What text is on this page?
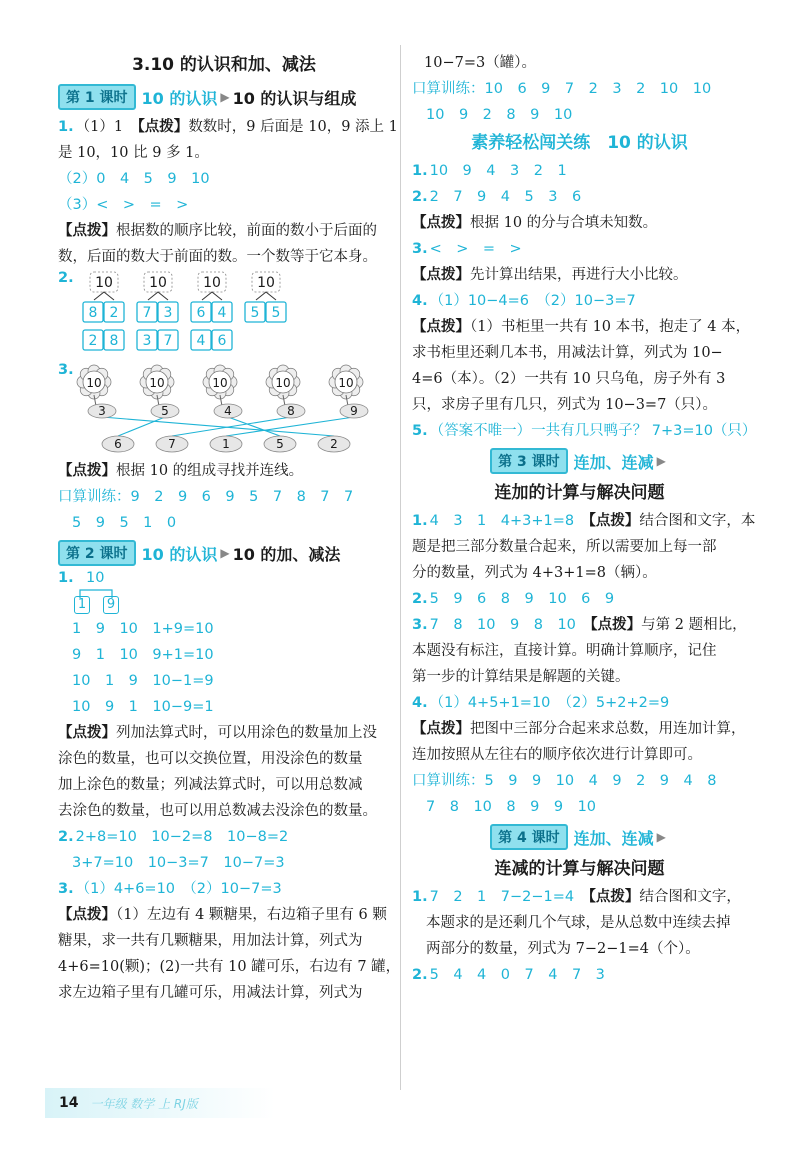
3.10 的认识和加、减法
第 1 课时 10 的认识 ▶ 10 的认识与组成
1. （1）1　 【点拨】数数时，9 后面是 10，9 添上 1
是 10，10 比 9 多 1。
（2）0　4　5　9　10
（3）<　>　=　>
【点拨】根据数的顺序比较，前面的数小于后面的
数，后面的数大于前面的数。一个数等于它本身。
2. 10
8 2
2 8
10
7 3
3 7
10
6 4
4 6
10
5 5
3.
10
3
10
5
10
4
10
8
10
9
6	7	1	5	2
【点拨】根据 10 的组成寻找并连线。
口算训练：9　2　9　6　9　5　7　8　7　7
5　9　5　1　0
第 2 课时 10 的认识 ▶ 10 的加、减法
1. 10
1 9
1　9　10　1+9=10
9　1　10　9+1=10
10　1　9　10−1=9
10　9　1　10−9=1
【点拨】列加法算式时，可以用涂色的数量加上没
涂色的数量，也可以交换位置，用没涂色的数量
加上涂色的数量；列减法算式时，可以用总数减
去涂色的数量，也可以用总数减去没涂色的数量。
2. 2+8=10　10−2=8　10−8=2
3+7=10　10−3=7　10−7=3
3. （1）4+6=10　（2）10−7=3
【点拨】（1）左边有 4 颗糖果，右边箱子里有 6 颗
糖果，求一共有几颗糖果，用加法计算，列式为
4+6=10(颗)；(2)一共有 10 罐可乐，右边有 7 罐，
求左边箱子里有几罐可乐，用减法计算，列式为
10−7=3（罐）。
口算训练：10　6　9　7　2　3　2　10　10
10　9　2　8　9　10
素养轻松闯关练　10 的认识
1. 10　9　4　3　2　1
2. 2　7　9　4　5　3　6
【点拨】根据 10 的分与合填未知数。
3. <　>　=　>
【点拨】先计算出结果，再进行大小比较。
4. （1）10−4=6　（2）10−3=7
【点拨】（1）书柜里一共有 10 本书，抱走了 4 本，
求书柜里还剩几本书，用减法计算，列式为 10−
4=6（本）。（2）一共有 10 只乌龟，房子外有 3
只，求房子里有几只，列式为 10−3=7（只）。
5. （答案不唯一）一共有几只鸭子？ 7+3=10（只）
第 3 课时 连加、连减 ▶
连加的计算与解决问题
1. 4　3　1　4+3+1=8　 【点拨】结合图和文字，本
题是把三部分数量合起来，所以需要加上每一部
分的数量，列式为 4+3+1=8（辆）。
2. 5　9　6　8　9　10　6　9
3. 7　8　10　9　8　10　 【点拨】与第 2 题相比，
本题没有标注，直接计算。明确计算顺序，记住
第一步的计算结果是解题的关键。
4. （1）4+5+1=10　（2）5+2+2=9
【点拨】把图中三部分合起来求总数，用连加计算，
连加按照从左往右的顺序依次进行计算即可。
口算训练：5　9　9　10　4　9　2　9　4　8
7　8　10　8　9　9　10
第 4 课时 连加、连减 ▶
连减的计算与解决问题
1. 7　2　1　7−2−1=4　 【点拨】结合图和文字，
本题求的是还剩几个气球，是从总数中连续去掉
两部分的数量，列式为 7−2−1=4（个）。
2. 5　4　4　0　7　4　7　3
14 一年级 数学 上 RJ版
